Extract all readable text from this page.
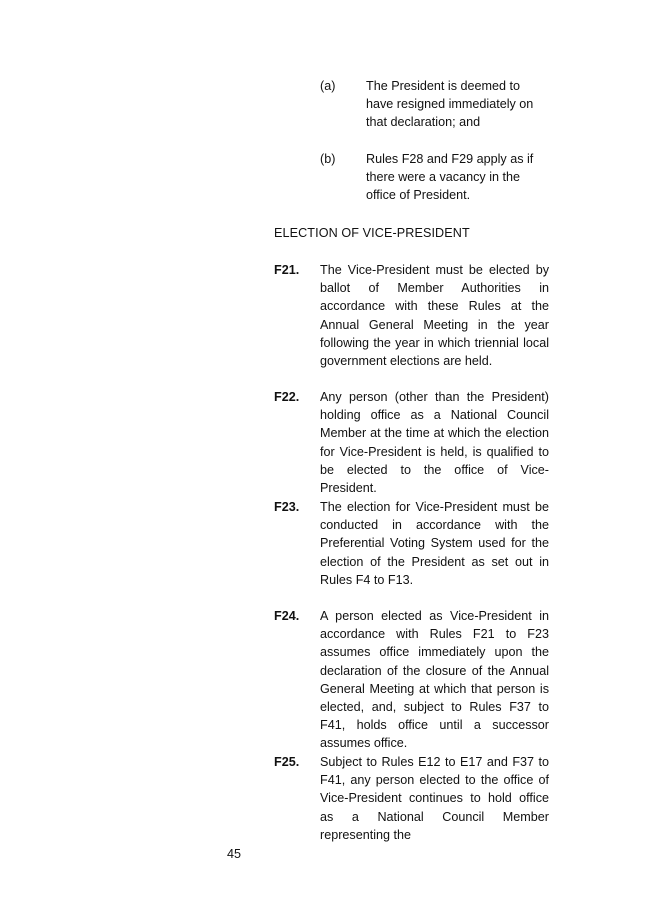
(a) The President is deemed to have resigned immediately on that declaration; and
(b) Rules F28 and F29 apply as if there were a vacancy in the office of President.
ELECTION OF VICE-PRESIDENT
F21. The Vice-President must be elected by ballot of Member Authorities in accordance with these Rules at the Annual General Meeting in the year following the year in which triennial local government elections are held.
F22. Any person (other than the President) holding office as a National Council Member at the time at which the election for Vice-President is held, is qualified to be elected to the office of Vice-President.
F23. The election for Vice-President must be conducted in accordance with the Preferential Voting System used for the election of the President as set out in Rules F4 to F13.
F24. A person elected as Vice-President in accordance with Rules F21 to F23 assumes office immediately upon the declaration of the closure of the Annual General Meeting at which that person is elected, and, subject to Rules F37 to F41, holds office until a successor assumes office.
F25. Subject to Rules E12 to E17 and F37 to F41, any person elected to the office of Vice-President continues to hold office as a National Council Member representing the
45
